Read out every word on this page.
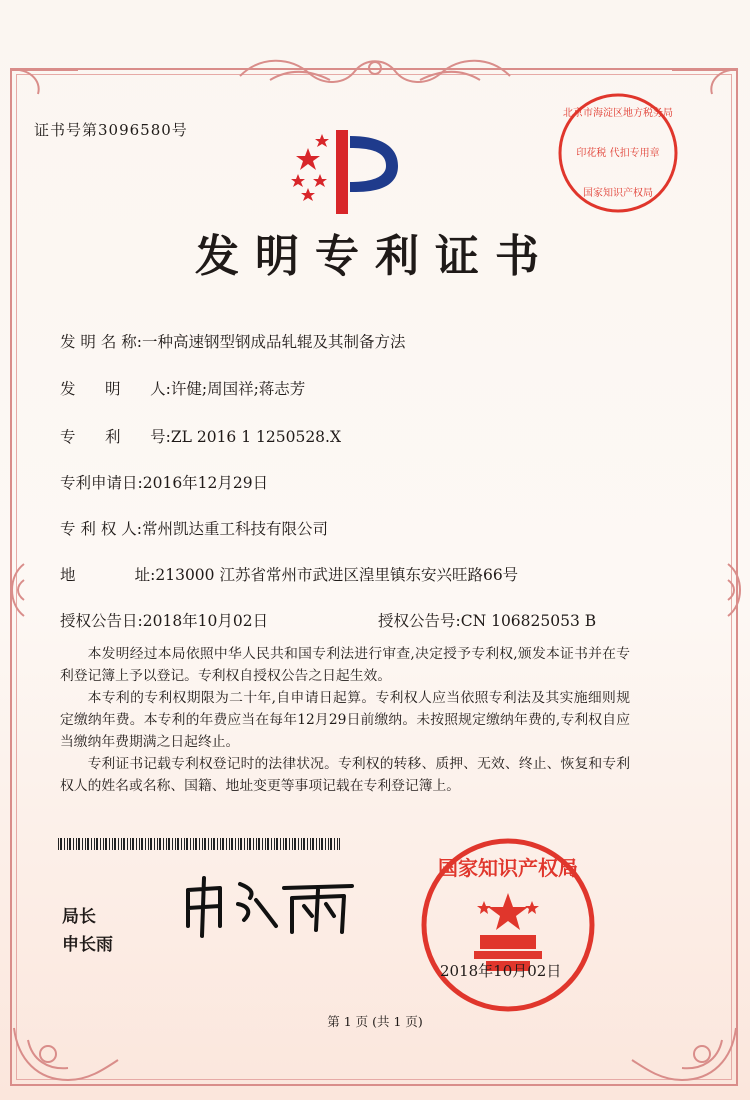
证书号第3096580号
发明专利证书
发 明 名 称:一种高速钢型钢成品轧辊及其制备方法
发      明      人:许健;周国祥;蒋志芳
专      利      号:ZL 2016 1 1250528.X
专利申请日:2016年12月29日
专 利 权 人:常州凯达重工科技有限公司
地            址:213000 江苏省常州市武进区湟里镇东安兴旺路66号
授权公告日:2018年10月02日	授权公告号:CN 106825053 B
本发明经过本局依照中华人民共和国专利法进行审查,决定授予专利权,颁发本证书并在专利登记簿上予以登记。专利权自授权公告之日起生效。
本专利的专利权期限为二十年,自申请日起算。专利权人应当依照专利法及其实施细则规定缴纳年费。本专利的年费应当在每年12月29日前缴纳。未按照规定缴纳年费的,专利权自应当缴纳年费期满之日起终止。
专利证书记载专利权登记时的法律状况。专利权的转移、质押、无效、终止、恢复和专利权人的姓名或名称、国籍、地址变更等事项记载在专利登记簿上。
局长
申长雨
国家知识产权局
2018年10月02日
北京市海淀区地方税务局
印花税 代扣专用章
国家知识产权局
第 1 页 (共 1 页)
